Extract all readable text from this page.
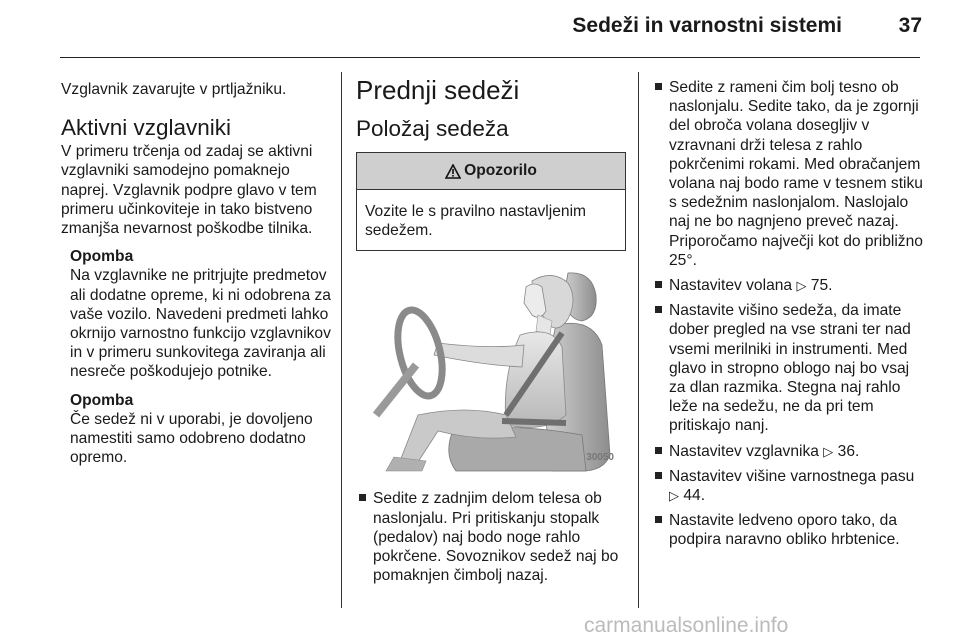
Sedeži in varnostni sistemi	37

Vzglavnik zavarujte v prtljažniku.

Aktivni vzglavniki

V primeru trčenja od zadaj se aktivni vzglavniki samodejno pomaknejo naprej. Vzglavnik podpre glavo v tem primeru učinkoviteje in tako bistveno zmanjša nevarnost poškodbe tilnika.

Opomba

Na vzglavnike ne pritrjujte predmetov ali dodatne opreme, ki ni odobrena za vaše vozilo. Navedeni predmeti lahko okrnijo varnostno funkcijo vzglavnikov in v primeru sunkovitega zaviranja ali nesreče poškodujejo potnike.

Opomba

Če sedež ni v uporabi, je dovoljeno namestiti samo odobreno dodatno opremo.

Prednji sedeži
Položaj sedeža
Opozorilo

Vozite le s pravilno nastavljenim sedežem.

30050
Sedite z zadnjim delom telesa ob naslonjalu. Pri pritiskanju stopalk (pedalov) naj bodo noge rahlo pokrčene. Sovoznikov sedež naj bo pomaknjen čimbolj nazaj.
Sedite z rameni čim bolj tesno ob naslonjalu. Sedite tako, da je zgornji del obroča volana dosegljiv v vzravnani drži telesa z rahlo pokrčenimi rokami. Med obračanjem volana naj bodo rame v tesnem stiku s sedežnim naslonjalom. Naslojalo naj ne bo nagnjeno preveč nazaj. Priporočamo največji kot do približno 25°.
Nastavitev volana ▷ 75.
Nastavite višino sedeža, da imate dober pregled na vse strani ter nad vsemi merilniki in instrumenti. Med glavo in stropno oblogo naj bo vsaj za dlan razmika. Stegna naj rahlo leže na sedežu, ne da pri tem pritiskajo nanj.
Nastavitev vzglavnika ▷ 36.
Nastavitev višine varnostnega pasu
▷ 44.
Nastavite ledveno oporo tako, da podpira naravno obliko hrbtenice.
carmanualsonline.info
